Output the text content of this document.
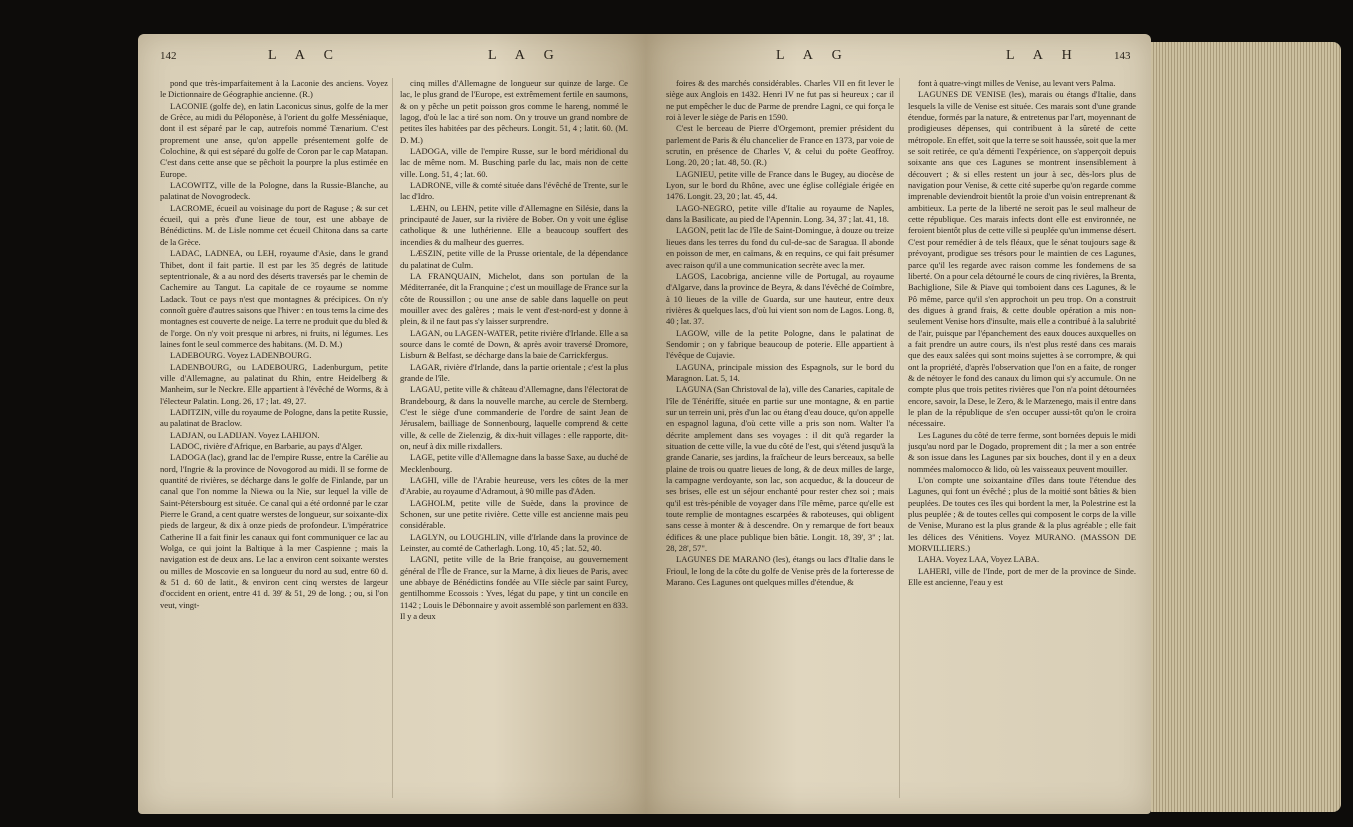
142	L A C	L A G

pond que très-imparfaitement à la Laconie des anciens. Voyez le Dictionnaire de Géographie ancienne. (R.)

LACONIE (golfe de), en latin Laconicus sinus, golfe de la mer de Grèce, au midi du Péloponèse, à l'orient du golfe Messéniaque, dont il est séparé par le cap, autrefois nommé Tænarium. C'est proprement une anse, qu'on appelle présentement golfe de Colochine, & qui est séparé du golfe de Coron par le cap Matapan. C'est dans cette anse que se pêchoit la pourpre la plus estimée en Europe.

LACOWITZ, ville de la Pologne, dans la Russie-Blanche, au palatinat de Novogrodeck.

LACROME, écueil au voisinage du port de Raguse ; & sur cet écueil, qui a près d'une lieue de tour, est une abbaye de Bénédictins. M. de Lisle nomme cet écueil Chitona dans sa carte de la Grèce.

LADAC, LADNEA, ou LEH, royaume d'Asie, dans le grand Thibet, dont il fait partie. Il est par les 35 degrés de latitude septentrionale, & a au nord des déserts traversés par le chemin de Cachemire au Tangut. La capitale de ce royaume se nomme Ladack. Tout ce pays n'est que montagnes & précipices. On n'y connoît guère d'autres saisons que l'hiver : en tous tems la cime des montagnes est couverte de neige. La terre ne produit que du bled & de l'orge. On n'y voit presque ni arbres, ni fruits, ni légumes. Les laines font le seul commerce des habitans. (M. D. M.)

LADEBOURG. Voyez LADENBOURG.

LADENBOURG, ou LADEBOURG, Ladenburgum, petite ville d'Allemagne, au palatinat du Rhin, entre Heidelberg & Manheim, sur le Neckre. Elle appartient à l'évêché de Worms, & à l'électeur Palatin. Long. 26, 17 ; lat. 49, 27.

LADITZIN, ville du royaume de Pologne, dans la petite Russie, au palatinat de Braclow.

LADJAN, ou LADIJAN. Voyez LAHIJON.

LADOC, rivière d'Afrique, en Barbarie, au pays d'Alger.

LADOGA (lac), grand lac de l'empire Russe, entre la Carélie au nord, l'Ingrie & la province de Novogorod au midi. Il se forme de quantité de rivières, se décharge dans le golfe de Finlande, par un canal que l'on nomme la Niewa ou la Nie, sur lequel la ville de Saint-Pétersbourg est située. Ce canal qui a été ordonné par le czar Pierre le Grand, a cent quatre werstes de longueur, sur soixante-dix pieds de largeur, & dix à onze pieds de profondeur. L'impératrice Catherine II a fait finir les canaux qui font communiquer ce lac au Wolga, ce qui joint la Baltique à la mer Caspienne ; mais la navigation est de deux ans. Le lac a environ cent soixante werstes ou milles de Moscovie en sa longueur du nord au sud, entre 60 d. & 51 d. 60 de latit., & environ cent cinq werstes de largeur d'occident en orient, entre 41 d. 39' & 51, 29 de long. ; ou, si l'on veut, vingt-

cinq milles d'Allemagne de longueur sur quinze de large. Ce lac, le plus grand de l'Europe, est extrêmement fertile en saumons, & on y pêche un petit poisson gros comme le hareng, nommé le lagog, d'où le lac a tiré son nom. On y trouve un grand nombre de petites îles habitées par des pêcheurs. Longit. 51, 4 ; latit. 60. (M. D. M.)

LADOGA, ville de l'empire Russe, sur le bord méridional du lac de même nom. M. Busching parle du lac, mais non de cette ville. Long. 51, 4 ; lat. 60.

LADRONE, ville & comté située dans l'évêché de Trente, sur le lac d'Idro.

LÆHN, ou LEHN, petite ville d'Allemagne en Silésie, dans la principauté de Jauer, sur la rivière de Bober. On y voit une église catholique & une luthérienne. Elle a beaucoup souffert des incendies & du malheur des guerres.

LÆSZIN, petite ville de la Prusse orientale, de la dépendance du palatinat de Culm.

LA FRANQUAIN, Michelot, dans son portulan de la Méditerranée, dit la Franquine ; c'est un mouillage de France sur la côte de Roussillon ; ou une anse de sable dans laquelle on peut mouiller avec des galères ; mais le vent d'est-nord-est y donne à plein, & il ne faut pas s'y laisser surprendre.

LAGAN, ou LAGEN-WATER, petite rivière d'Irlande. Elle a sa source dans le comté de Down, & après avoir traversé Dromore, Lisburn & Belfast, se décharge dans la baie de Carrickfergus.

LAGAR, rivière d'Irlande, dans la partie orientale ; c'est la plus grande de l'île.

LAGAU, petite ville & château d'Allemagne, dans l'électorat de Brandebourg, & dans la nouvelle marche, au cercle de Sternberg. C'est le siège d'une commanderie de l'ordre de saint Jean de Jérusalem, bailliage de Sonnenbourg, laquelle comprend & cette ville, & celle de Zielenzig, & dix-huit villages : elle rapporte, dit-on, neuf à dix mille rixdallers.

LAGE, petite ville d'Allemagne dans la basse Saxe, au duché de Mecklenbourg.

LAGHI, ville de l'Arabie heureuse, vers les côtes de la mer d'Arabie, au royaume d'Adramout, à 90 mille pas d'Aden.

LAGHOLM, petite ville de Suède, dans la province de Schonen, sur une petite rivière. Cette ville est ancienne mais peu considérable.

LAGLYN, ou LOUGHLIN, ville d'Irlande dans la province de Leinster, au comté de Catherlagh. Long. 10, 45 ; lat. 52, 40.

LAGNI, petite ville de la Brie françoise, au gouvernement général de l'Île de France, sur la Marne, à dix lieues de Paris, avec une abbaye de Bénédictins fondée au VIIe siècle par saint Furcy, gentilhomme Ecossois : Yves, légat du pape, y tint un concile en 1142 ; Louis le Débonnaire y avoit assemblé son parlement en 833. Il y a deux

L A G	L A H	143

foires & des marchés considérables. Charles VII en fit lever le siège aux Anglois en 1432. Henri IV ne fut pas si heureux ; car il ne put empêcher le duc de Parme de prendre Lagni, ce qui força le roi à lever le siège de Paris en 1590.

C'est le berceau de Pierre d'Orgemont, premier président du parlement de Paris & élu chancelier de France en 1373, par voie de scrutin, en présence de Charles V, & celui du poëte Geoffroy. Long. 20, 20 ; lat. 48, 50. (R.)

LAGNIEU, petite ville de France dans le Bugey, au diocèse de Lyon, sur le bord du Rhône, avec une église collégiale érigée en 1476. Longit. 23, 20 ; lat. 45, 44.

LAGO-NEGRO, petite ville d'Italie au royaume de Naples, dans la Basilicate, au pied de l'Apennin. Long. 34, 37 ; lat. 41, 18.

LAGON, petit lac de l'île de Saint-Domingue, à douze ou treize lieues dans les terres du fond du cul-de-sac de Saragua. Il abonde en poisson de mer, en caïmans, & en requins, ce qui fait présumer avec raison qu'il a une communication secrète avec la mer.

LAGOS, Lacobriga, ancienne ville de Portugal, au royaume d'Algarve, dans la province de Beyra, & dans l'évêché de Coïmbre, à 10 lieues de la ville de Guarda, sur une hauteur, entre deux rivières & quelques lacs, d'où lui vient son nom de Lagos. Long. 8, 40 ; lat. 37.

LAGOW, ville de la petite Pologne, dans le palatinat de Sendomir ; on y fabrique beaucoup de poterie. Elle appartient à l'évêque de Cujavie.

LAGUNA, principale mission des Espagnols, sur le bord du Maragnon. Lat. 5, 14.

LAGUNA (San Christoval de la), ville des Canaries, capitale de l'île de Ténériffe, située en partie sur une montagne, & en partie sur un terrein uni, près d'un lac ou étang d'eau douce, qu'on appelle en espagnol laguna, d'où cette ville a pris son nom. Walter l'a décrite amplement dans ses voyages : il dit qu'à regarder la situation de cette ville, la vue du côté de l'est, qui s'étend jusqu'à la grande Canarie, ses jardins, la fraîcheur de leurs berceaux, sa belle plaine de trois ou quatre lieues de long, & de deux milles de large, la campagne verdoyante, son lac, son acqueduc, & la douceur de ses brises, elle est un séjour enchanté pour rester chez soi ; mais qu'il est très-pénible de voyager dans l'île même, parce qu'elle est toute remplie de montagnes escarpées & raboteuses, qui obligent sans cesse à monter & à descendre. On y remarque de fort beaux édifices & une place publique bien bâtie. Longit. 18, 39', 3" ; lat. 28, 28', 57".

LAGUNES DE MARANO (les), étangs ou lacs d'Italie dans le Frioul, le long de la côte du golfe de Venise près de la forteresse de Marano. Ces Lagunes ont quelques milles d'étendue, &

font à quatre-vingt milles de Venise, au levant vers Palma.

LAGUNES DE VENISE (les), marais ou étangs d'Italie, dans lesquels la ville de Venise est située. Ces marais sont d'une grande étendue, formés par la nature, & entretenus par l'art, moyennant de prodigieuses dépenses, qui contribuent à la sûreté de cette métropole. En effet, soit que la terre se soit haussée, soit que la mer se soit retirée, ce qu'a démenti l'expérience, on s'apperçoit depuis soixante ans que ces Lagunes se montrent insensiblement à découvert ; & si elles restent un jour à sec, dès-lors plus de navigation pour Venise, & cette cité superbe qu'on regarde comme imprenable deviendroit bientôt la proie d'un voisin entreprenant & ambitieux. La perte de la liberté ne seroit pas le seul malheur de cette république. Ces marais infects dont elle est environnée, ne feroient bientôt plus de cette ville si peuplée qu'un immense désert. C'est pour remédier à de tels fléaux, que le sénat toujours sage & prévoyant, prodigue ses trésors pour le maintien de ces Lagunes, parce qu'il les regarde avec raison comme les fondemens de sa liberté. On a pour cela détourné le cours de cinq rivières, la Brenta, Bachiglione, Sile & Piave qui tomboient dans ces Lagunes, & le Pô même, parce qu'il s'en approchoit un peu trop. On a construit des digues à grand frais, & cette double opération a mis non-seulement Venise hors d'insulte, mais elle a contribué à la salubrité de l'air, puisque par l'épanchement des eaux douces auxquelles on a fait prendre un autre cours, ils n'est plus resté dans ces marais que des eaux salées qui sont moins sujettes à se corrompre, & qui ont la propriété, d'après l'observation que l'on en a faite, de ronger & de nétoyer le fond des canaux du limon qui s'y accumule. On ne compte plus que trois petites rivières que l'on n'a point détournées encore, savoir, la Dese, le Zero, & le Marzenego, mais il entre dans le plan de la république de s'en occuper aussi-tôt qu'on le croira nécessaire.

Les Lagunes du côté de terre ferme, sont bornées depuis le midi jusqu'au nord par le Dogado, proprement dit ; la mer a son entrée & son issue dans les Lagunes par six bouches, dont il y en a deux nommées malomocco & lido, où les vaisseaux peuvent mouiller.

L'on compte une soixantaine d'îles dans toute l'étendue des Lagunes, qui font un évêché ; plus de la moitié sont bâties & bien peuplées. De toutes ces îles qui bordent la mer, la Polestrine est la plus peuplée ; & de toutes celles qui composent le corps de la ville de Venise, Murano est la plus grande & la plus agréable ; elle fait les délices des Vénitiens. Voyez MURANO. (MASSON DE MORVILLIERS.)

LAHA. Voyez LAA, Voyez LABA.

LAHERI, ville de l'Inde, port de mer de la province de Sinde. Elle est ancienne, l'eau y est
